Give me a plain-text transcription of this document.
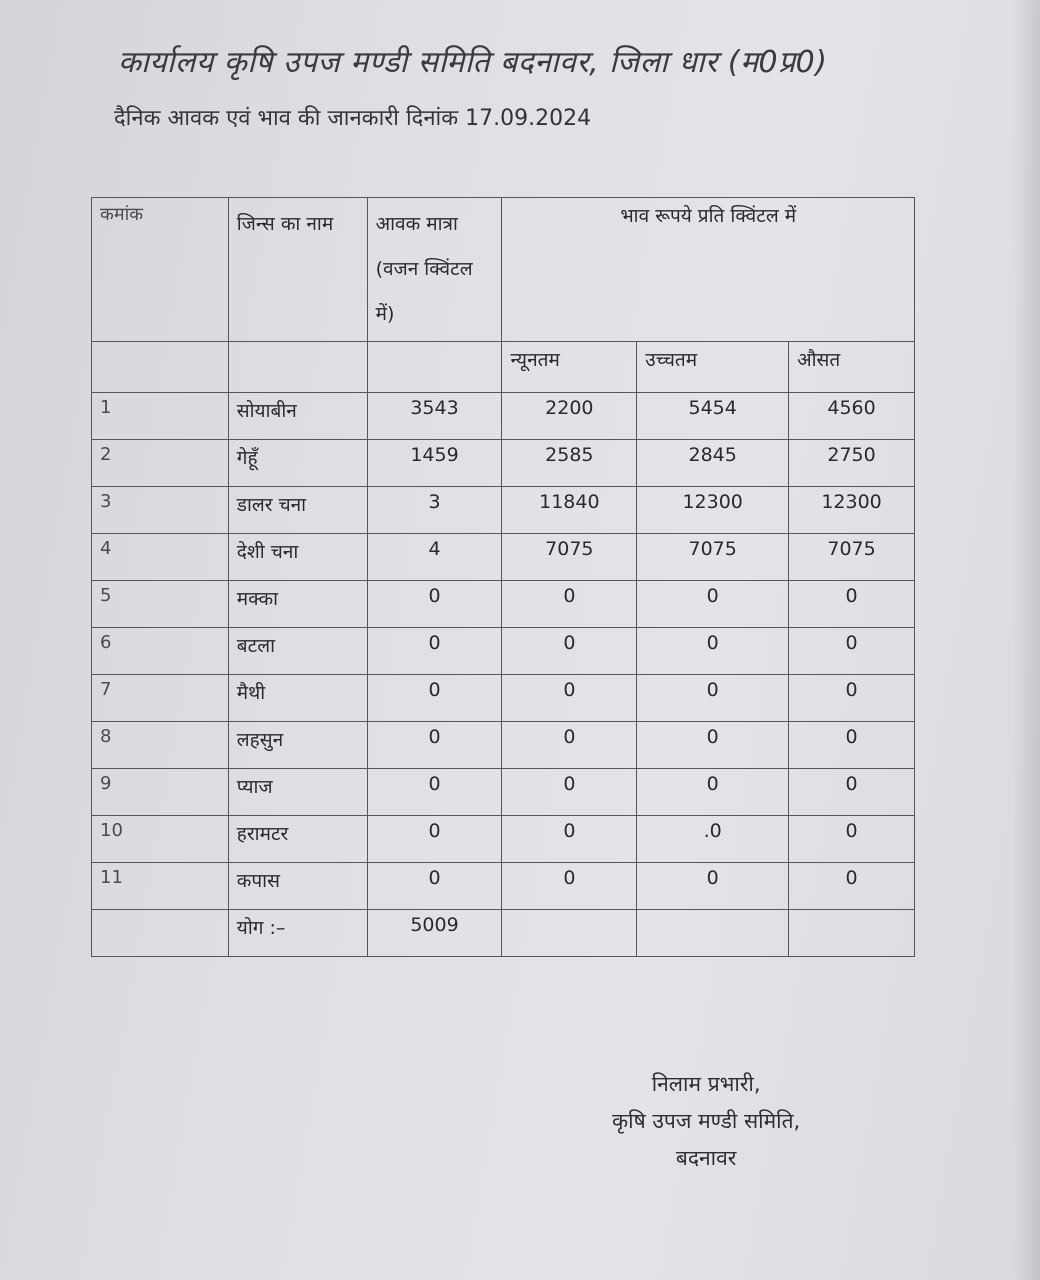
कार्यालय कृषि उपज मण्डी समिति बदनावर, जिला धार (म0प्र0)
दैनिक आवक एवं भाव की जानकारी दिनांक 17.09.2024
कमांक	जिन्स का नाम	आवक मात्रा (वजन क्विंटल में)	भाव रूपये प्रति क्विंटल में		
			न्यूनतम	उच्चतम	औसत
1	सोयाबीन	3543	2200	5454	4560
2	गेहूँ	1459	2585	2845	2750
3	डालर चना	3	11840	12300	12300
4	देशी चना	4	7075	7075	7075
5	मक्का	0	0	0	0
6	बटला	0	0	0	0
7	मैथी	0	0	0	0
8	लहसुन	0	0	0	0
9	प्याज	0	0	0	0
10	हरामटर	0	0	.0	0
11	कपास	0	0	0	0
	योग :–	5009			
निलाम प्रभारी,
कृषि उपज मण्डी समिति,
बदनावर
